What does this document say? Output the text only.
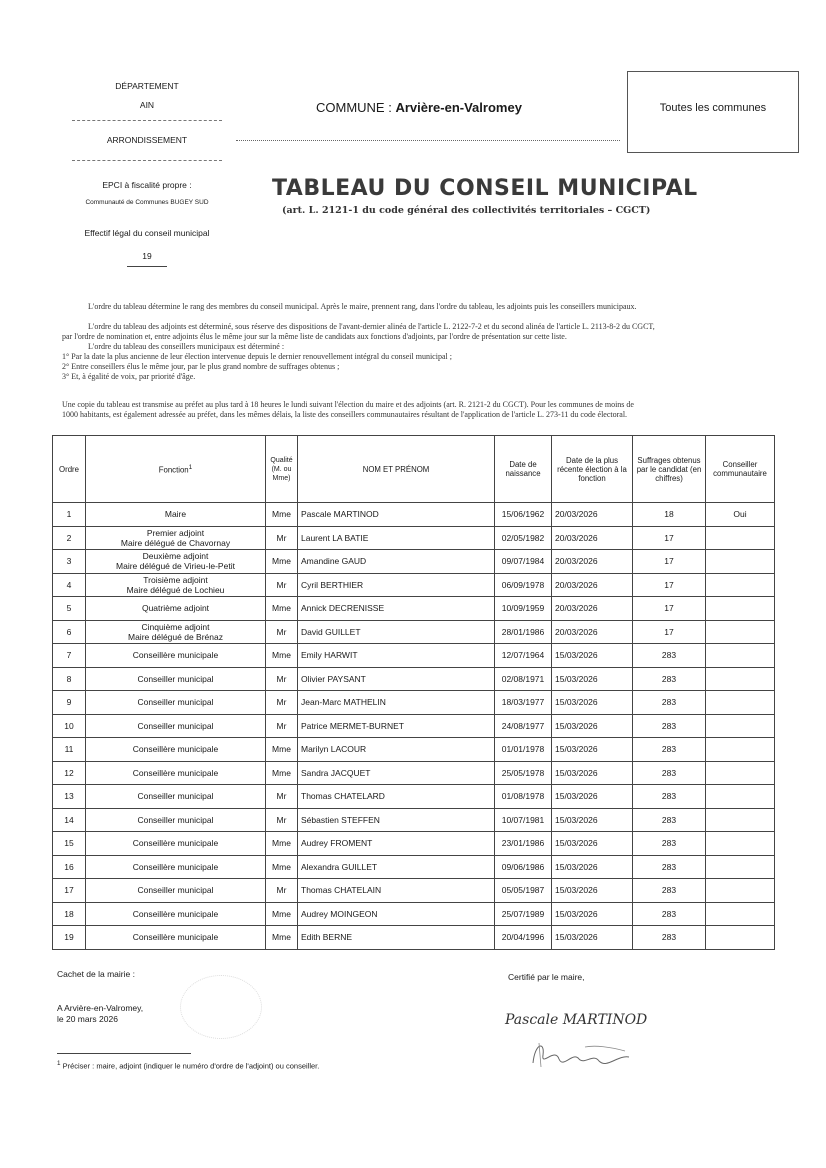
DÉPARTEMENT
AIN
ARRONDISSEMENT
EPCI à fiscalité propre :
Communauté de Communes BUGEY SUD
Effectif légal du conseil municipal
19
COMMUNE : Arvière-en-Valromey	Toutes les communes
TABLEAU DU CONSEIL MUNICIPAL
(art. L. 2121-1 du code général des collectivités territoriales – CGCT)
L'ordre du tableau détermine le rang des membres du conseil municipal. Après le maire, prennent rang, dans l'ordre du tableau, les adjoints puis les conseillers municipaux.
L'ordre du tableau des adjoints est déterminé, sous réserve des dispositions de l'avant-dernier alinéa de l'article L. 2122-7-2 et du second alinéa de l'article L. 2113-8-2 du CGCT,
par l'ordre de nomination et, entre adjoints élus le même jour sur la même liste de candidats aux fonctions d'adjoints, par l'ordre de présentation sur cette liste.
L'ordre du tableau des conseillers municipaux est déterminé :
1° Par la date la plus ancienne de leur élection intervenue depuis le dernier renouvellement intégral du conseil municipal ;
2° Entre conseillers élus le même jour, par le plus grand nombre de suffrages obtenus ;
3° Et, à égalité de voix, par priorité d'âge.
Une copie du tableau est transmise au préfet au plus tard à 18 heures le lundi suivant l'élection du maire et des adjoints (art. R. 2121-2 du CGCT). Pour les communes de moins de
1000 habitants, est également adressée au préfet, dans les mêmes délais, la liste des conseillers communautaires résultant de l'application de l'article L. 273-11 du code électoral.
Ordre	Fonction$^1$	Qualité (M. ou Mme)	NOM ET PRÉNOM	Date de naissance	Date de la plus récente élection à la fonction	Suffrages obtenus par le candidat (en chiffres)	Conseiller communautaire
1	Maire	Mme	Pascale MARTINOD	15/06/1962	20/03/2026	18	Oui
2	Premier adjoint
Maire délégué de Chavornay	Mr	Laurent LA BATIE	02/05/1982	20/03/2026	17	
3	Deuxième adjoint
Maire délégué de Virieu-le-Petit	Mme	Amandine GAUD	09/07/1984	20/03/2026	17	
4	Troisième adjoint
Maire délégué de Lochieu	Mr	Cyril BERTHIER	06/09/1978	20/03/2026	17	
5	Quatrième adjoint	Mme	Annick DECRENISSE	10/09/1959	20/03/2026	17	
6	Cinquième adjoint
Maire délégué de Brénaz	Mr	David GUILLET	28/01/1986	20/03/2026	17	
7	Conseillère municipale	Mme	Emily HARWIT	12/07/1964	15/03/2026	283	
8	Conseiller municipal	Mr	Olivier PAYSANT	02/08/1971	15/03/2026	283	
9	Conseiller municipal	Mr	Jean-Marc MATHELIN	18/03/1977	15/03/2026	283	
10	Conseiller municipal	Mr	Patrice MERMET-BURNET	24/08/1977	15/03/2026	283	
11	Conseillère municipale	Mme	Marilyn LACOUR	01/01/1978	15/03/2026	283	
12	Conseillère municipale	Mme	Sandra JACQUET	25/05/1978	15/03/2026	283	
13	Conseiller municipal	Mr	Thomas CHATELARD	01/08/1978	15/03/2026	283	
14	Conseiller municipal	Mr	Sébastien STEFFEN	10/07/1981	15/03/2026	283	
15	Conseillère municipale	Mme	Audrey FROMENT	23/01/1986	15/03/2026	283	
16	Conseillère municipale	Mme	Alexandra GUILLET	09/06/1986	15/03/2026	283	
17	Conseiller municipal	Mr	Thomas CHATELAIN	05/05/1987	15/03/2026	283	
18	Conseillère municipale	Mme	Audrey MOINGEON	25/07/1989	15/03/2026	283	
19	Conseillère municipale	Mme	Edith BERNE	20/04/1996	15/03/2026	283	
Cachet de la mairie :	Certifié par le maire,
A Arvière-en-Valromey,
le 20 mars 2026	Pascale MARTINOD
$^1$ Préciser : maire, adjoint (indiquer le numéro d'ordre de l'adjoint) ou conseiller.
